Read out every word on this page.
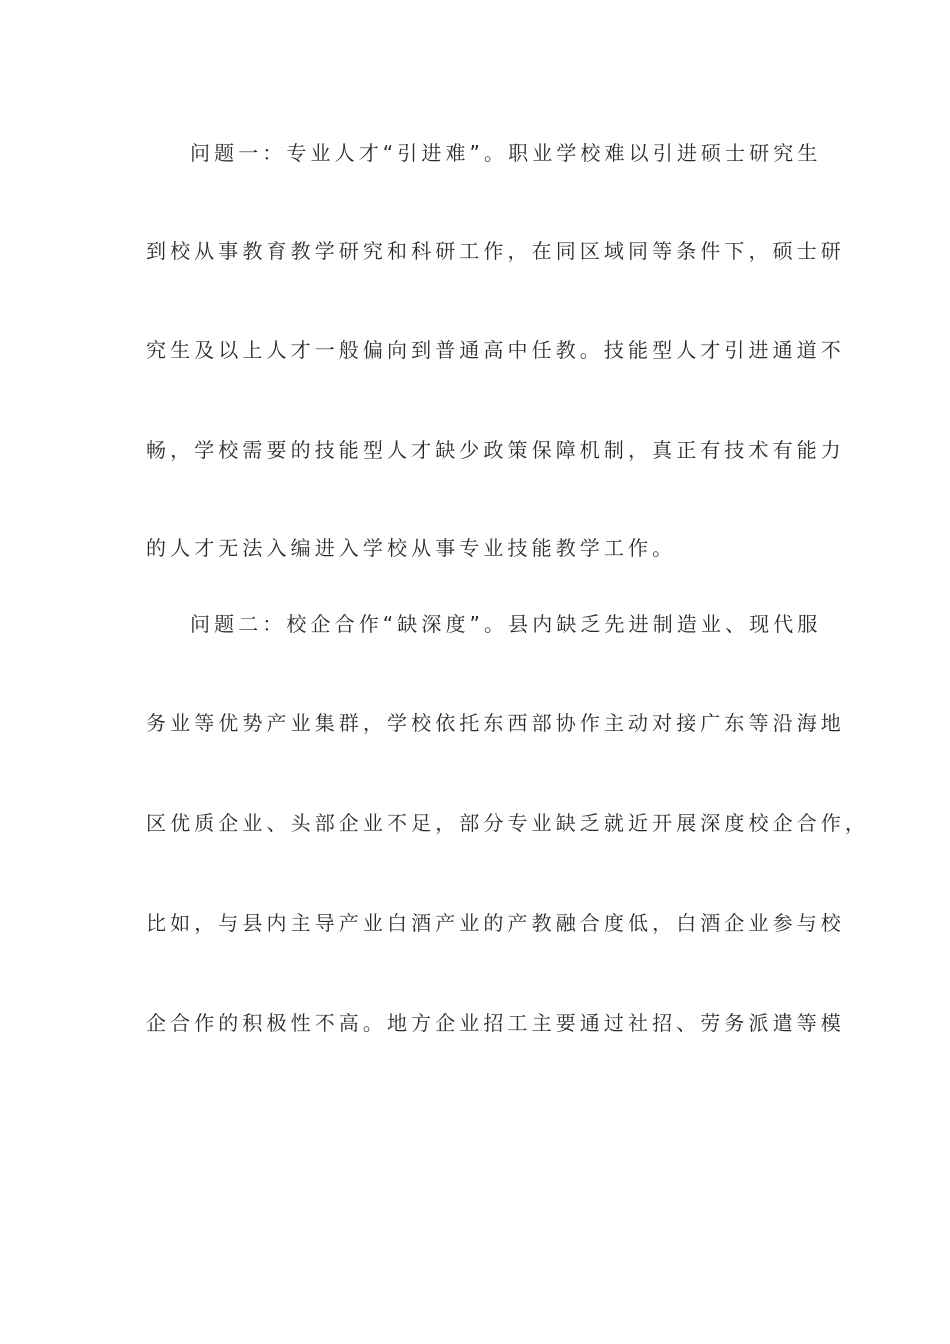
问题一：专业人才“引进难”。职业学校难以引进硕士研究生
到校从事教育教学研究和科研工作，在同区域同等条件下，硕士研
究生及以上人才一般偏向到普通高中任教。技能型人才引进通道不
畅，学校需要的技能型人才缺少政策保障机制，真正有技术有能力
的人才无法入编进入学校从事专业技能教学工作。
问题二：校企合作“缺深度”。县内缺乏先进制造业、现代服
务业等优势产业集群，学校依托东西部协作主动对接广东等沿海地
区优质企业、头部企业不足，部分专业缺乏就近开展深度校企合作，
比如，与县内主导产业白酒产业的产教融合度低，白酒企业参与校
企合作的积极性不高。地方企业招工主要通过社招、劳务派遣等模
